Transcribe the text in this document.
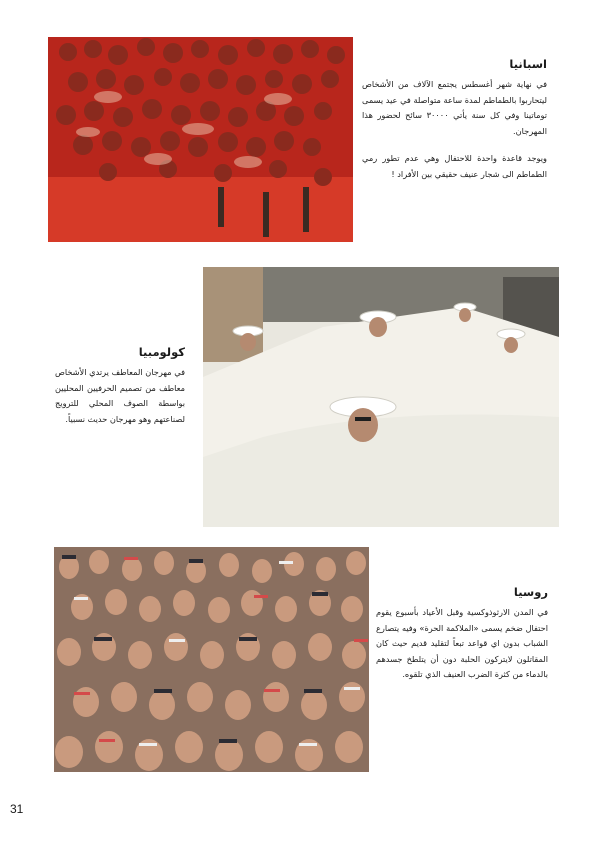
اسبانيا

في نهاية شهر أغسطس يجتمع الآلاف من الأشخاص ليتحاربوا بالطماطم لمدة ساعة متواصلة في عيد يسمى توماتينا وفي كل سنة يأتي ٣٠٠٠٠ سائح لحضور هذا المهرجان.

ويوجد قاعدة واحدة للاحتفال وهي عدم تطور رمي الطماطم الى شجار عنيف حقيقي بين الأفراد !

كولومبيا

في مهرجان المعاطف يرتدي الأشخاص معاطف من تصميم الحرفيين المحليين بواسطة الصوف المحلي للترويج لصناعتهم وهو مهرجان حديث نسبياً.

روسيا

في المدن الارثوذوكسية وقبل الأعياد بأسبوع يقوم احتفال ضخم يسمى «الملاكمة الحرة» وفيه يتصارع الشباب بدون اي قواعد تبعاً لتقليد قديم حيث كان المقاتلون لايتركون الحلبة دون أن يتلطخ جسدهم بالدماء من كثرة الضرب العنيف الذي تلقوه.

31
